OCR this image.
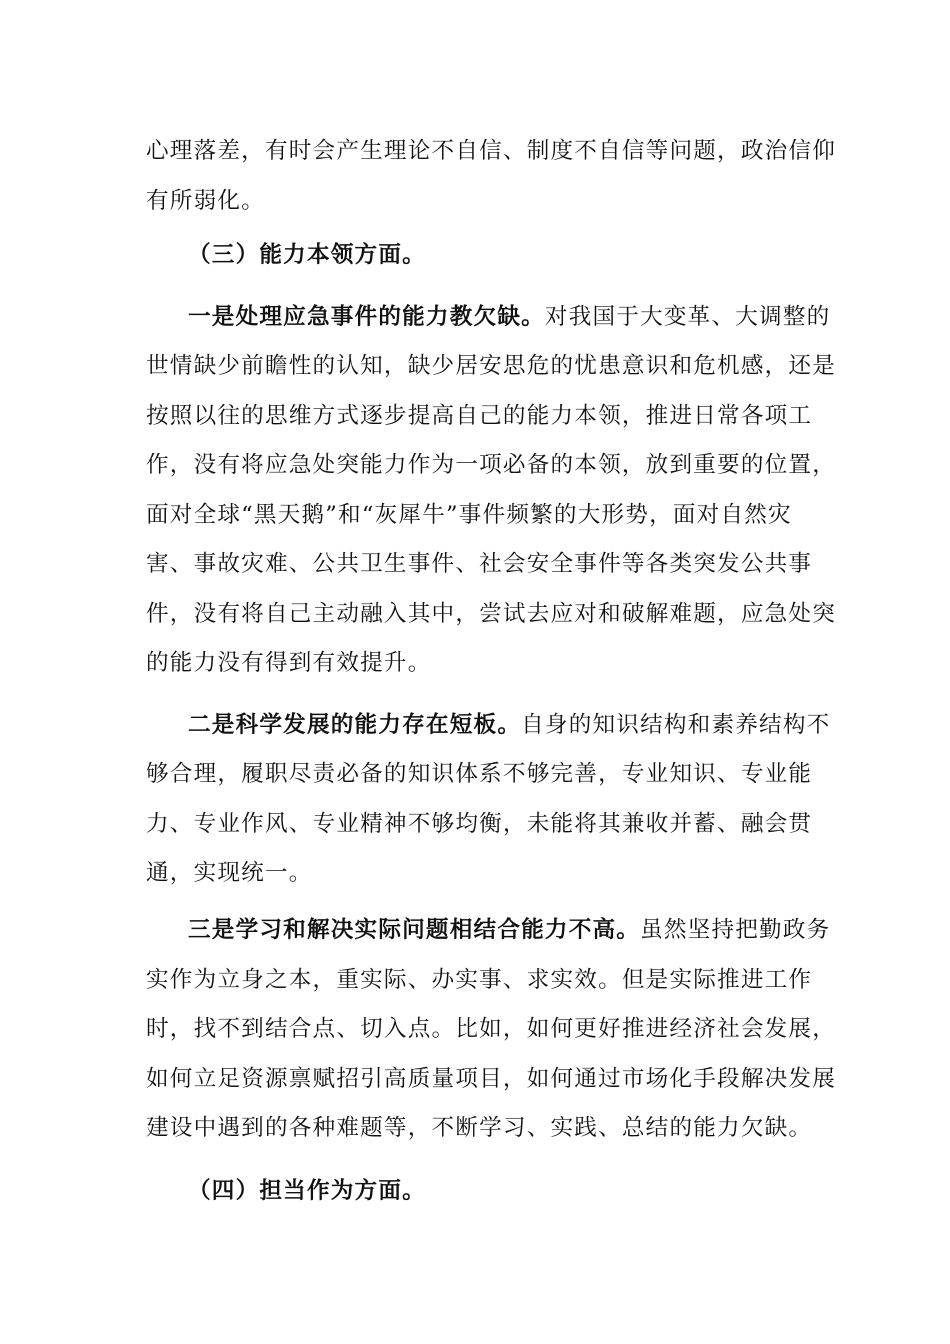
心理落差，有时会产生理论不自信、制度不自信等问题，政治信仰
有所弱化。
（三）能力本领方面。
一是处理应急事件的能力教欠缺。对我国于大变革、大调整的
世情缺少前瞻性的认知，缺少居安思危的忧患意识和危机感，还是
按照以往的思维方式逐步提高自己的能力本领，推进日常各项工
作，没有将应急处突能力作为一项必备的本领，放到重要的位置，
面对全球“黑天鹅”和“灰犀牛”事件频繁的大形势，面对自然灾
害、事故灾难、公共卫生事件、社会安全事件等各类突发公共事
件，没有将自己主动融入其中，尝试去应对和破解难题，应急处突
的能力没有得到有效提升。
二是科学发展的能力存在短板。自身的知识结构和素养结构不
够合理，履职尽责必备的知识体系不够完善，专业知识、专业能
力、专业作风、专业精神不够均衡，未能将其兼收并蓄、融会贯
通，实现统一。
三是学习和解决实际问题相结合能力不高。虽然坚持把勤政务
实作为立身之本，重实际、办实事、求实效。但是实际推进工作
时，找不到结合点、切入点。比如，如何更好推进经济社会发展，
如何立足资源禀赋招引高质量项目，如何通过市场化手段解决发展
建设中遇到的各种难题等，不断学习、实践、总结的能力欠缺。
（四）担当作为方面。
